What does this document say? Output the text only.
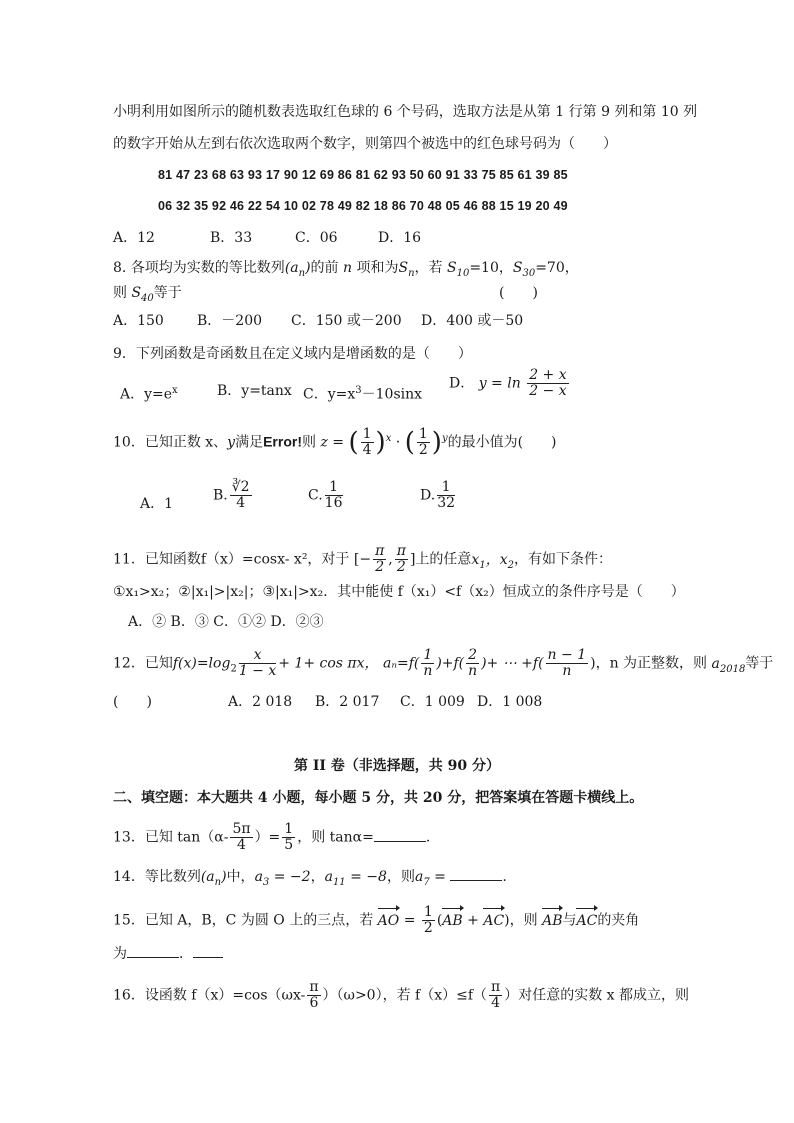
小明利用如图所示的随机数表选取红色球的 6 个号码，选取方法是从第 1 行第 9 列和第 10 列
的数字开始从左到右依次选取两个数字，则第四个被选中的红色球号码为（　　）
81 47 23 68 63 93 17 90 12 69 86 81 62 93 50 60 91 33 75 85 61 39 85
06 32 35 92 46 22 54 10 02 78 49 82 18 86 70 48 05 46 88 15 19 20 49
A．12	B．33	C．06	D．16
8. 各项均为实数的等比数列$(a_n)$的前 n 项和为$S_n$，若 $S_{10}=10$，$S_{30}=70$，
则 $S_{40}$等于	(　　)
A．150 B．－200 C．150 或－200 D．400 或－50
9．下列函数是奇函数且在定义域内是增函数的是（　　）
A．$y=e^x$	B．y=tanx C．$y=x^3-10\sin x$
D． $y = \ln \frac{2 + x}{2 - x}$
10．已知正数 x、y满足Error!则 z = ( $\frac{1}{4} )^x$ · ( $\frac{1}{2} )^y$的最小值为(　　)
A．1
B. $\frac{∛2}{4}$	C. $\frac{1}{16}$	D. $\frac{1}{32}$
11．已知函数f（x）=cosx- x²，对于 [− $\frac{\pi}{2}$ , $\frac{\pi}{2}$ ]上的任意$x_1$，$x_2$，有如下条件：
①x₁>x₂；②|x₁|>|x₂|；③|x₁|>x₂．其中能使 f（x₁）<f（x₂）恒成立的条件序号是（　　）
A．② B．③ C．①② D．②③
12．已知$f(x)=\log_2 \frac{x}{1 - x} + 1+ \cos \pi x$， $a_n=f( \frac{1}{n} )+f( \frac{2}{n}$ )+ ⋯ $+f( \frac{n - 1}{n}$ )，n 为正整数，则 $a_{2018}$等于
(　　)	A．2 018 B．2 017 C．1 009 D．1 008
第 II 卷（非选择题，共 90 分）
二、填空题：本大题共 4 小题，每小题 5 分，共 20 分，把答案填在答题卡横线上。
13．已知 $\tan(\alpha- \frac{5\pi}{4}$ ）= $\frac{1}{5}$ ，则 tanα=	.
14．等比数列$(a_n)$中，$a_3 = -2$，$a_{11} = -8$，则$a_7$ =	.
15．已知 A，B，C 为圆 O 上的三点，若 AO = $\frac{1}{2} (AB + AC)$，则 AB与AC的夹角
为	．
16．设函数 $f(x)=\cos(\omega x- \frac{\pi}{6} )(\omega>0)$，若 $f(x)\le f( \frac{\pi}{4}$ ）对任意的实数 x 都成立，则
